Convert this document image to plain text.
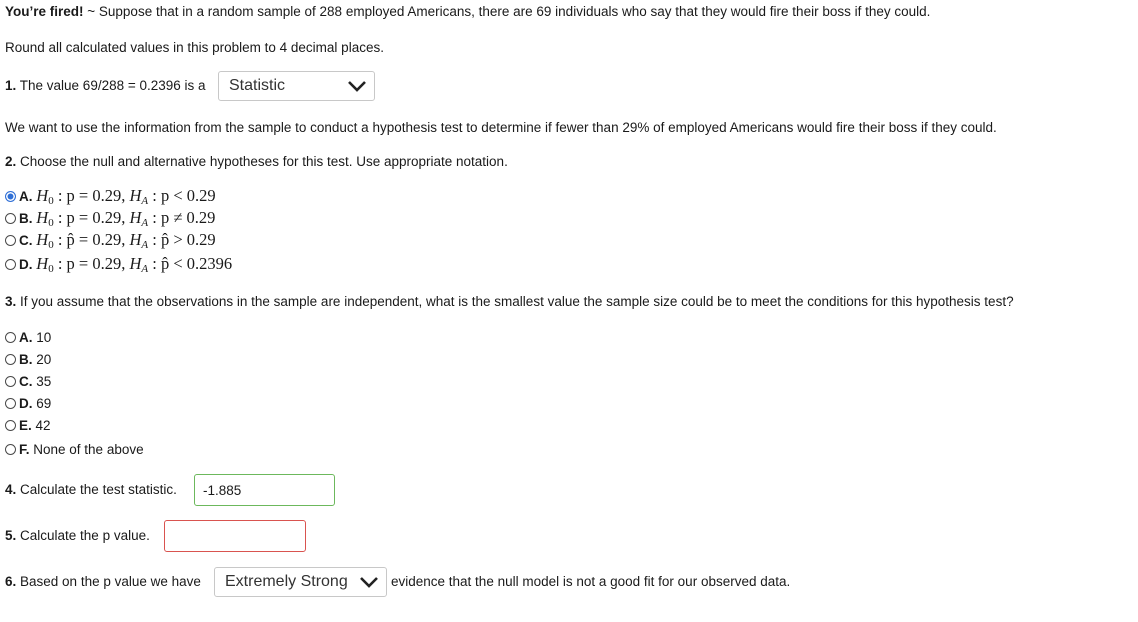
You’re fired! ~ Suppose that in a random sample of 288 employed Americans, there are 69 individuals who say that they would fire their boss if they could.
Round all calculated values in this problem to 4 decimal places.
1. The value 69/288 = 0.2396 is a Statistic
We want to use the information from the sample to conduct a hypothesis test to determine if fewer than 29% of employed Americans would fire their boss if they could.
2. Choose the null and alternative hypotheses for this test. Use appropriate notation.
A. $H_0$ : p = 0.29, $H_A$ : p < 0.29
B. $H_0$ : p = 0.29, $H_A$ : p ≠ 0.29
C. $H_0$ : p̂ = 0.29, $H_A$ : p̂ > 0.29
D. $H_0$ : p = 0.29, $H_A$ : p̂ < 0.2396
3. If you assume that the observations in the sample are independent, what is the smallest value the sample size could be to meet the conditions for this hypothesis test?
A. 10
B. 20
C. 35
D. 69
E. 42
F. None of the above
4. Calculate the test statistic. -1.885
5. Calculate the p value.
6. Based on the p value we have Extremely Strong	evidence that the null model is not a good fit for our observed data.
